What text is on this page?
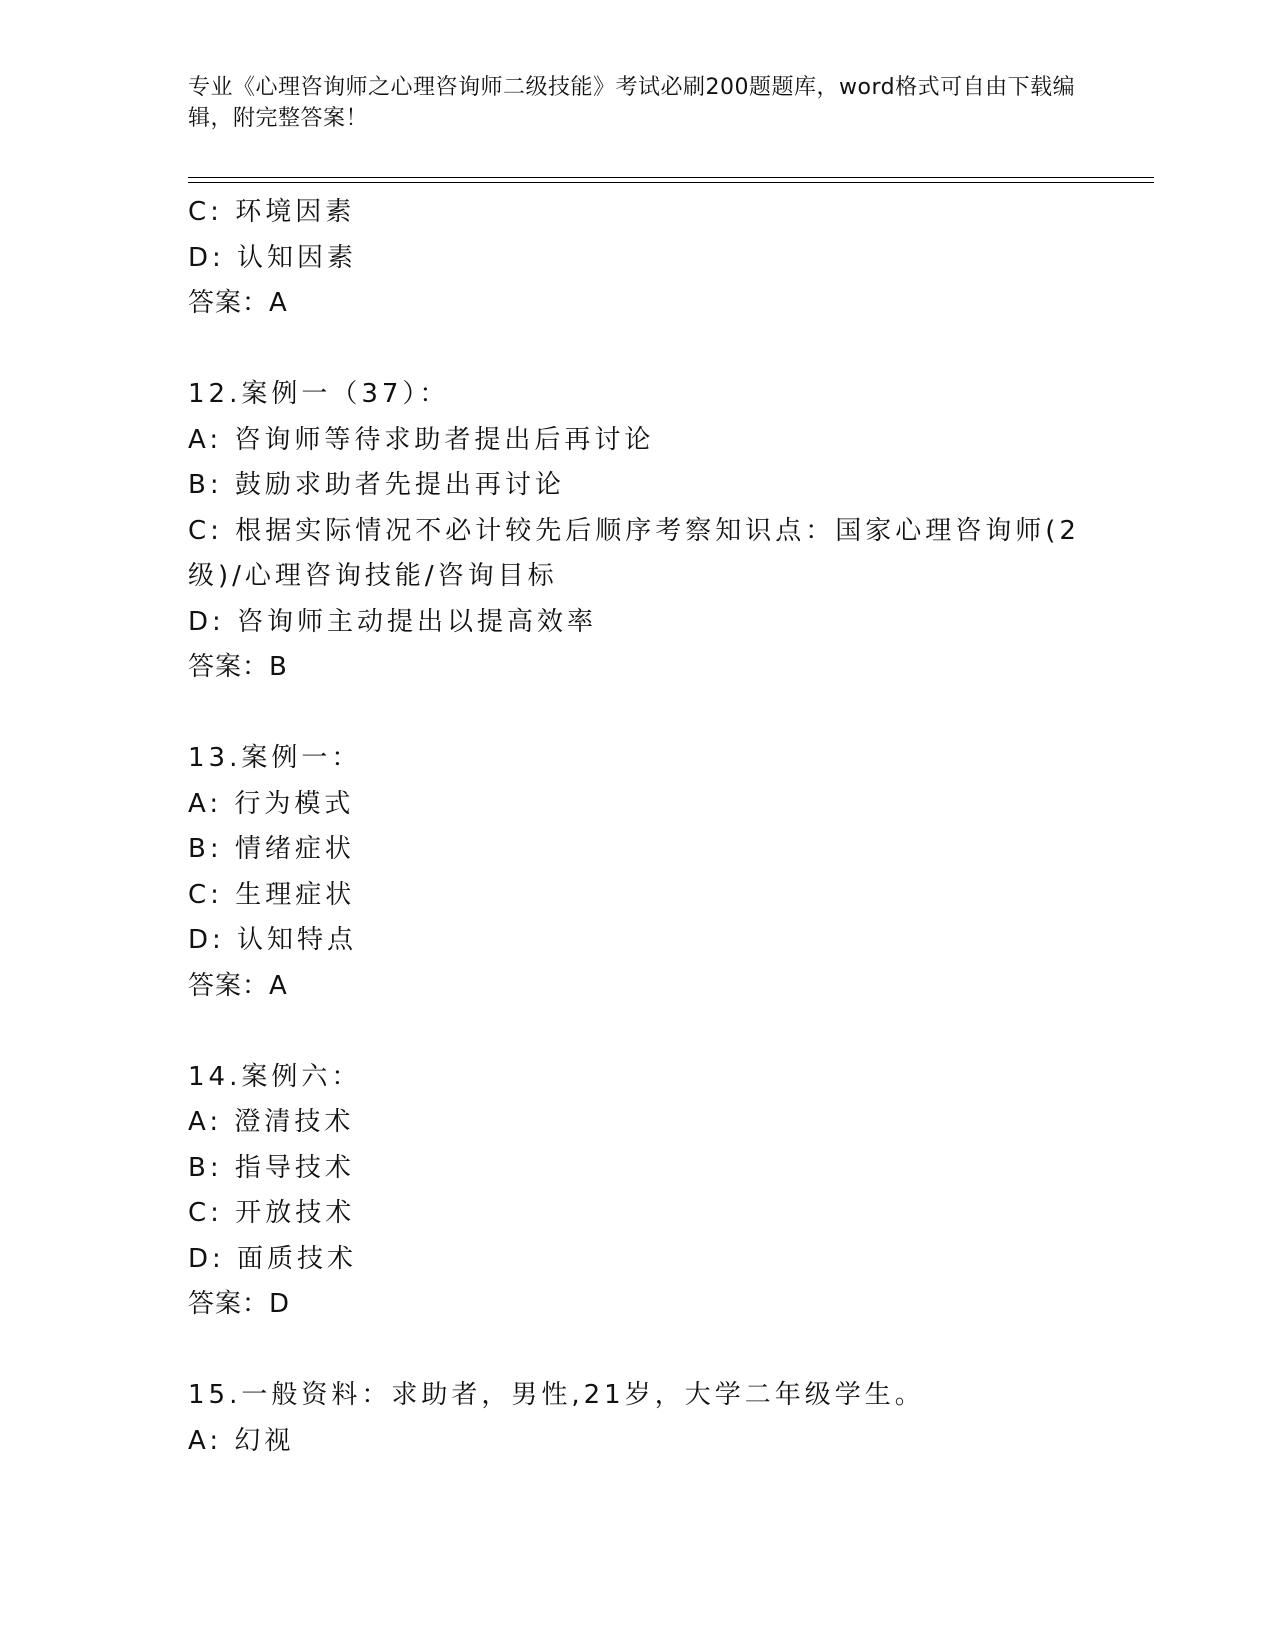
专业《心理咨询师之心理咨询师二级技能》考试必刷200题题库，word格式可自由下载编辑，附完整答案！
C: 环境因素
D: 认知因素
答案：A
12.案例一（37）：
A: 咨询师等待求助者提出后再讨论
B: 鼓励求助者先提出再讨论
C: 根据实际情况不必计较先后顺序考察知识点：国家心理咨询师(2级)/心理咨询技能/咨询目标
D: 咨询师主动提出以提高效率
答案：B
13.案例一：
A: 行为模式
B: 情绪症状
C: 生理症状
D: 认知特点
答案：A
14.案例六：
A: 澄清技术
B: 指导技术
C: 开放技术
D: 面质技术
答案：D
15.一般资料：求助者，男性,21岁，大学二年级学生。
A: 幻视
